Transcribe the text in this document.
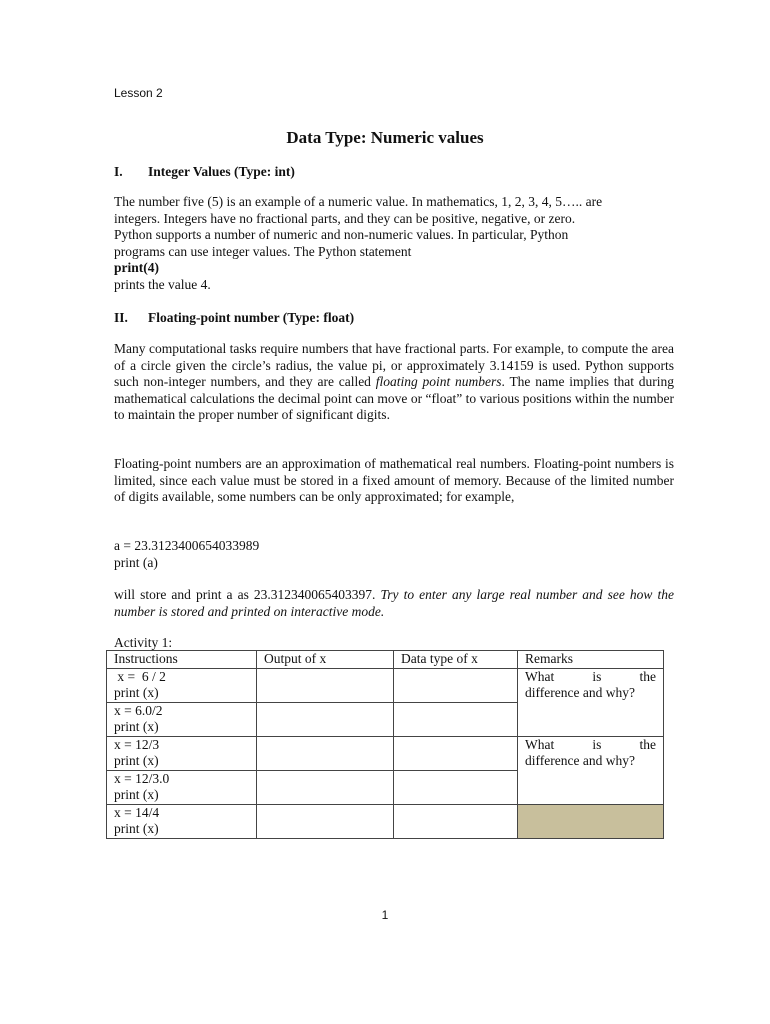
Lesson 2
Data Type: Numeric values
I. Integer Values (Type: int)
The number five (5) is an example of a numeric value. In mathematics, 1, 2, 3, 4, 5….. are
integers. Integers have no fractional parts, and they can be positive, negative, or zero.
Python supports a number of numeric and non-numeric values. In particular, Python
programs can use integer values. The Python statement
print(4)
prints the value 4.
II. Floating-point number (Type: float)
Many computational tasks require numbers that have fractional parts. For example, to compute the area of a circle given the circle’s radius, the value pi, or approximately 3.14159 is used. Python supports such non-integer numbers, and they are called floating point numbers. The name implies that during mathematical calculations the decimal point can move or “float” to various positions within the number to maintain the proper number of significant digits.
Floating-point numbers are an approximation of mathematical real numbers. Floating-point numbers is limited, since each value must be stored in a fixed amount of memory. Because of the limited number of digits available, some numbers can be only approximated; for example,
a = 23.3123400654033989
print (a)
will store and print a as 23.312340065403397. Try to enter any large real number and see how the number is stored and printed on interactive mode.
Activity 1:
Instructions	Output of x	Data type of x	Remarks

x =  6 / 2
print (x)			What is the
difference and why?

x = 6.0/2
print (x)			

x = 12/3
print (x)			What is the
difference and why?

x = 12/3.0
print (x)			

x = 14/4
print (x)			

1
